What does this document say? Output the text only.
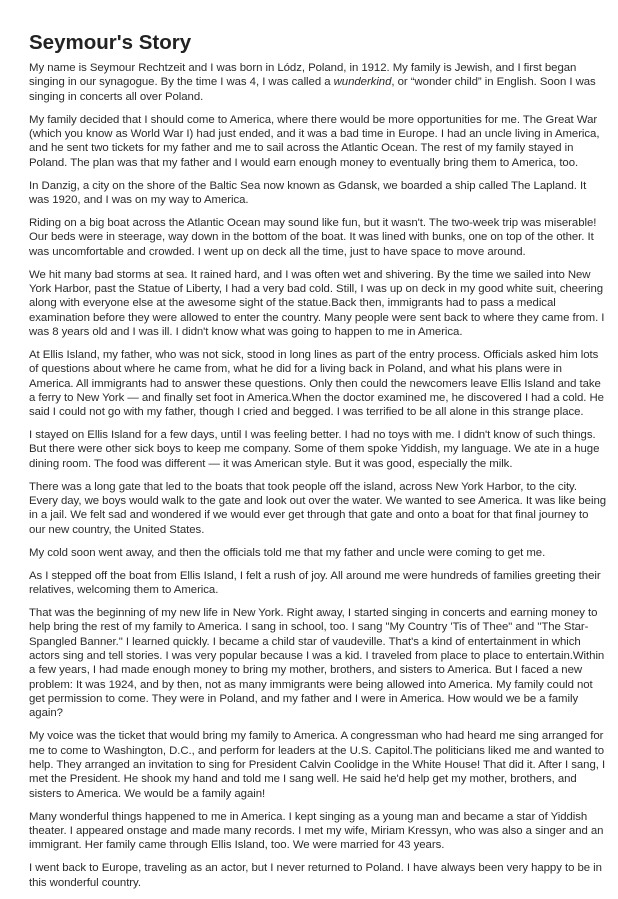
Seymour's Story

My name is Seymour Rechtzeit and I was born in Lódz, Poland, in 1912. My family is Jewish, and I first began singing in our synagogue. By the time I was 4, I was called a wunderkind, or “wonder child” in English. Soon I was singing in concerts all over Poland.

My family decided that I should come to America, where there would be more opportunities for me. The Great War (which you know as World War I) had just ended, and it was a bad time in Europe. I had an uncle living in America, and he sent two tickets for my father and me to sail across the Atlantic Ocean. The rest of my family stayed in Poland. The plan was that my father and I would earn enough money to eventually bring them to America, too.

In Danzig, a city on the shore of the Baltic Sea now known as Gdansk, we boarded a ship called The Lapland. It was 1920, and I was on my way to America.

Riding on a big boat across the Atlantic Ocean may sound like fun, but it wasn't. The two-week trip was miserable! Our beds were in steerage, way down in the bottom of the boat. It was lined with bunks, one on top of the other. It was uncomfortable and crowded. I went up on deck all the time, just to have space to move around.

We hit many bad storms at sea. It rained hard, and I was often wet and shivering. By the time we sailed into New York Harbor, past the Statue of Liberty, I had a very bad cold. Still, I was up on deck in my good white suit, cheering along with everyone else at the awesome sight of the statue.Back then, immigrants had to pass a medical examination before they were allowed to enter the country. Many people were sent back to where they came from. I was 8 years old and I was ill. I didn't know what was going to happen to me in America.

At Ellis Island, my father, who was not sick, stood in long lines as part of the entry process. Officials asked him lots of questions about where he came from, what he did for a living back in Poland, and what his plans were in America. All immigrants had to answer these questions. Only then could the newcomers leave Ellis Island and take a ferry to New York — and finally set foot in America.When the doctor examined me, he discovered I had a cold. He said I could not go with my father, though I cried and begged. I was terrified to be all alone in this strange place.

I stayed on Ellis Island for a few days, until I was feeling better. I had no toys with me. I didn't know of such things. But there were other sick boys to keep me company. Some of them spoke Yiddish, my language. We ate in a huge dining room. The food was different — it was American style. But it was good, especially the milk.

There was a long gate that led to the boats that took people off the island, across New York Harbor, to the city. Every day, we boys would walk to the gate and look out over the water. We wanted to see America. It was like being in a jail. We felt sad and wondered if we would ever get through that gate and onto a boat for that final journey to our new country, the United States.

My cold soon went away, and then the officials told me that my father and uncle were coming to get me.

As I stepped off the boat from Ellis Island, I felt a rush of joy. All around me were hundreds of families greeting their relatives, welcoming them to America.

That was the beginning of my new life in New York. Right away, I started singing in concerts and earning money to help bring the rest of my family to America. I sang in school, too. I sang "My Country 'Tis of Thee" and "The Star-Spangled Banner." I learned quickly. I became a child star of vaudeville. That's a kind of entertainment in which actors sing and tell stories. I was very popular because I was a kid. I traveled from place to place to entertain.Within a few years, I had made enough money to bring my mother, brothers, and sisters to America. But I faced a new problem: It was 1924, and by then, not as many immigrants were being allowed into America. My family could not get permission to come. They were in Poland, and my father and I were in America. How would we be a family again?

My voice was the ticket that would bring my family to America. A congressman who had heard me sing arranged for me to come to Washington, D.C., and perform for leaders at the U.S. Capitol.The politicians liked me and wanted to help. They arranged an invitation to sing for President Calvin Coolidge in the White House! That did it. After I sang, I met the President. He shook my hand and told me I sang well. He said he'd help get my mother, brothers, and sisters to America. We would be a family again!

Many wonderful things happened to me in America. I kept singing as a young man and became a star of Yiddish theater. I appeared onstage and made many records. I met my wife, Miriam Kressyn, who was also a singer and an immigrant. Her family came through Ellis Island, too. We were married for 43 years.

I went back to Europe, traveling as an actor, but I never returned to Poland. I have always been very happy to be in this wonderful country.
